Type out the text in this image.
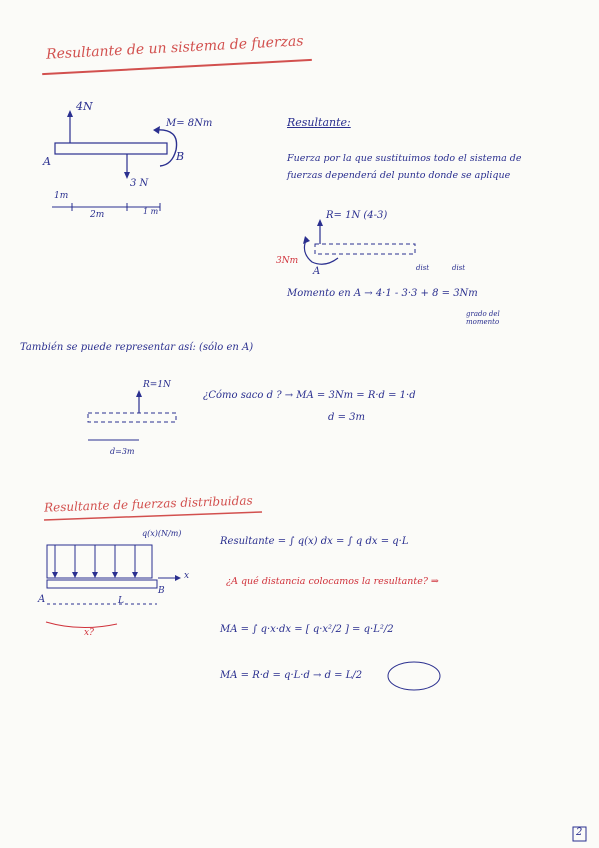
Resultante de un sistema de fuerzas
4N
M= 8Nm
A	B
3 N
1m
2m	1 m
Resultante:
Fuerza por la que sustituimos todo el sistema de
fuerzas dependerá del punto donde se aplique
R= 1N (4-3)
3Nm
A	dist	dist
Momento en A → 4·1 - 3·3 + 8 = 3Nm
grado del momento
También se puede representar así: (sólo en A)
R=1N
¿Cómo saco d ? → MA = 3Nm = R·d = 1·d
d = 3m
d=3m
Resultante de fuerzas distribuidas
q(x)(N/m)
A
B
x
L
x?
Resultante = ∫ q(x) dx = ∫ q dx = q·L
¿A qué distancia colocamos la resultante? ⇒
MA = ∫ q·x·dx = [ q·x²/2 ] = q·L²/2
MA = R·d = q·L·d → d = L/2
2
